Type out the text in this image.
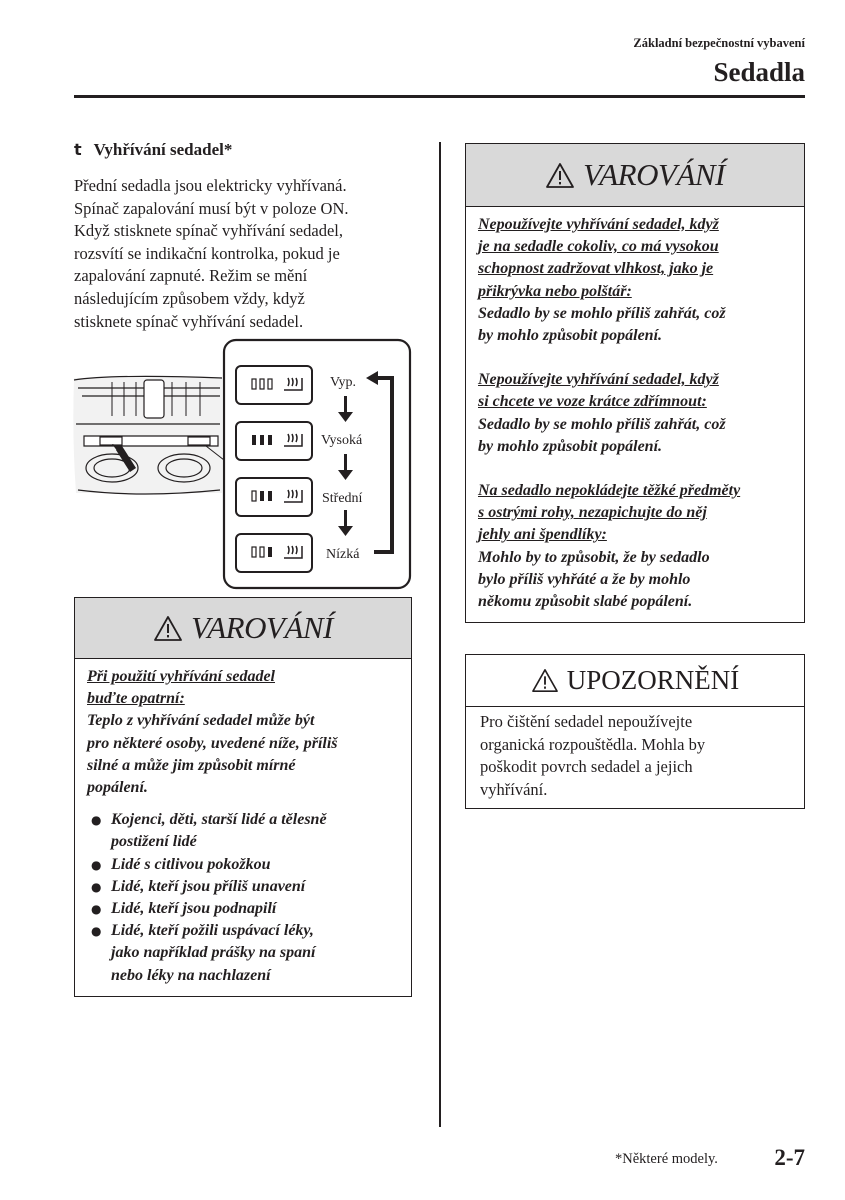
Základní bezpečnostní vybavení
Sedadla
t Vyhřívání sedadel*
Přední sedadla jsou elektricky vyhřívaná.
Spínač zapalování musí být v poloze ON.
Když stisknete spínač vyhřívání sedadel,
rozsvítí se indikační kontrolka, pokud je
zapalování zapnuté. Režim se mění
následujícím způsobem vždy, když
stisknete spínač vyhřívání sedadel.
Vyp.
Vysoká
Střední
Nízká
VAROVÁNÍ
Při použití vyhřívání sedadel
buďte opatrní:
Teplo z vyhřívání sedadel může být
pro některé osoby, uvedené níže, příliš
silné a může jim způsobit mírné
popálení.
● Kojenci, děti, starší lidé a tělesně
postižení lidé
● Lidé s citlivou pokožkou
● Lidé, kteří jsou příliš unavení
● Lidé, kteří jsou podnapilí
● Lidé, kteří požili uspávací léky,
jako například prášky na spaní
nebo léky na nachlazení
VAROVÁNÍ
Nepoužívejte vyhřívání sedadel, když
je na sedadle cokoliv, co má vysokou
schopnost zadržovat vlhkost, jako je
přikrývka nebo polštář:
Sedadlo by se mohlo příliš zahřát, což
by mohlo způsobit popálení.
Nepoužívejte vyhřívání sedadel, když
si chcete ve voze krátce zdřímnout:
Sedadlo by se mohlo příliš zahřát, což
by mohlo způsobit popálení.
Na sedadlo nepokládejte těžké předměty
s ostrými rohy, nezapichujte do něj
jehly ani špendlíky:
Mohlo by to způsobit, že by sedadlo
bylo příliš vyhřáté a že by mohlo
někomu způsobit slabé popálení.
UPOZORNĚNÍ
Pro čištění sedadel nepoužívejte
organická rozpouštědla. Mohla by
poškodit povrch sedadel a jejich
vyhřívání.
*Některé modely. 2-7
